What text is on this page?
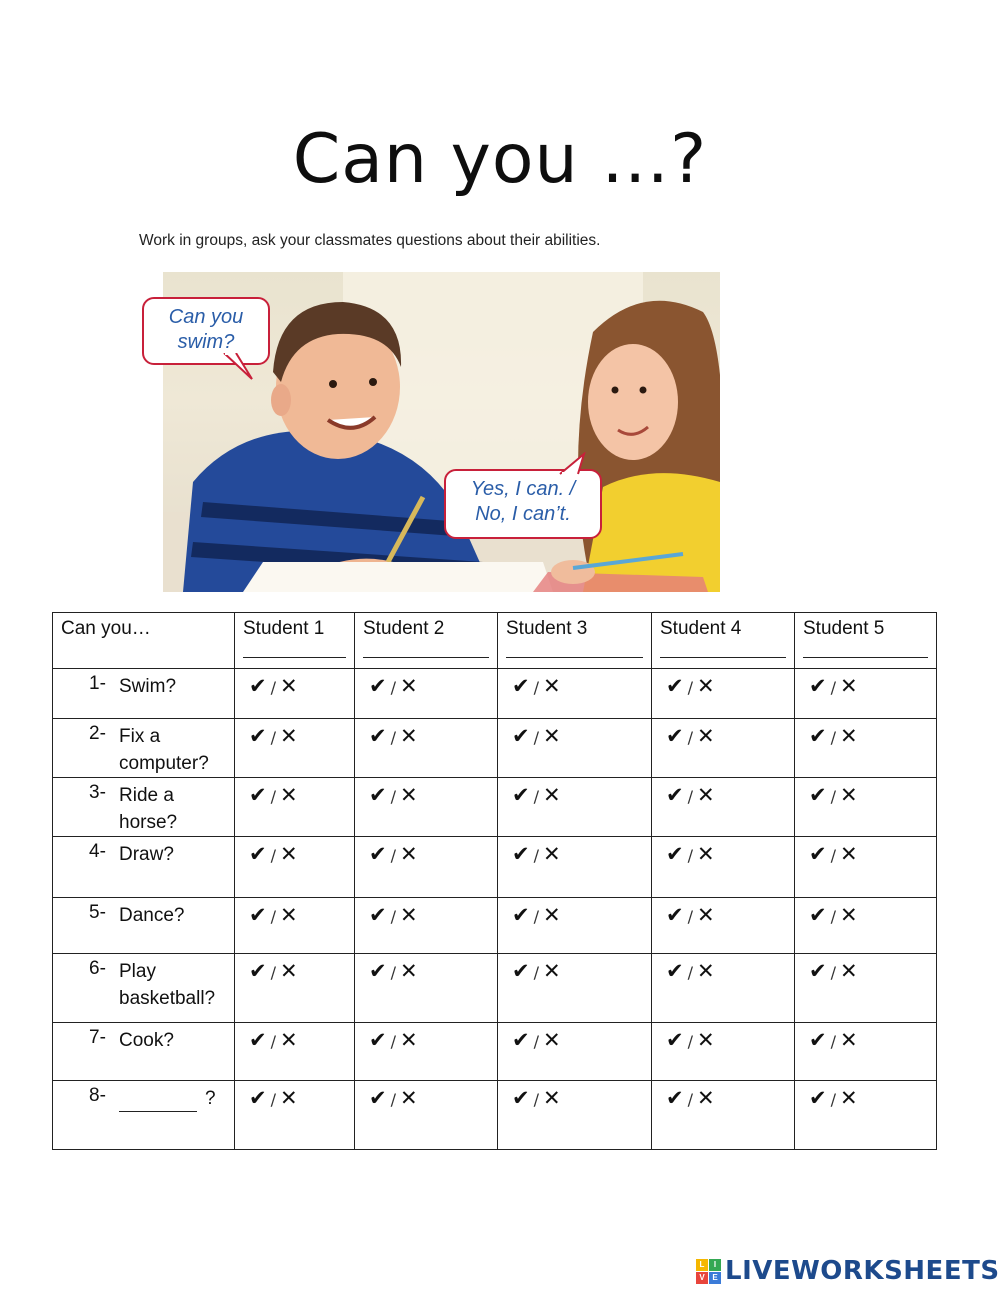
Can you …?
Work in groups, ask your classmates questions about their abilities.
Can you
swim?
Yes, I can. /
No, I can’t.
Can you…	Student 1	Student 2	Student 3	Student 4	Student 5

1- Swim?	✔ / ✕	✔ / ✕	✔ / ✕	✔ / ✕	✔ / ✕

2- Fix a computer?	✔ / ✕	✔ / ✕	✔ / ✕	✔ / ✕	✔ / ✕

3- Ride a horse?	✔ / ✕	✔ / ✕	✔ / ✕	✔ / ✕	✔ / ✕

4- Draw?	✔ / ✕	✔ / ✕	✔ / ✕	✔ / ✕	✔ / ✕

5- Dance?	✔ / ✕	✔ / ✕	✔ / ✕	✔ / ✕	✔ / ✕

6- Play basketball?	✔ / ✕	✔ / ✕	✔ / ✕	✔ / ✕	✔ / ✕

7- Cook?	✔ / ✕	✔ / ✕	✔ / ✕	✔ / ✕	✔ / ✕

8- ?	✔ / ✕	✔ / ✕	✔ / ✕	✔ / ✕	✔ / ✕
L	I
V E LIVEWORKSHEETS
